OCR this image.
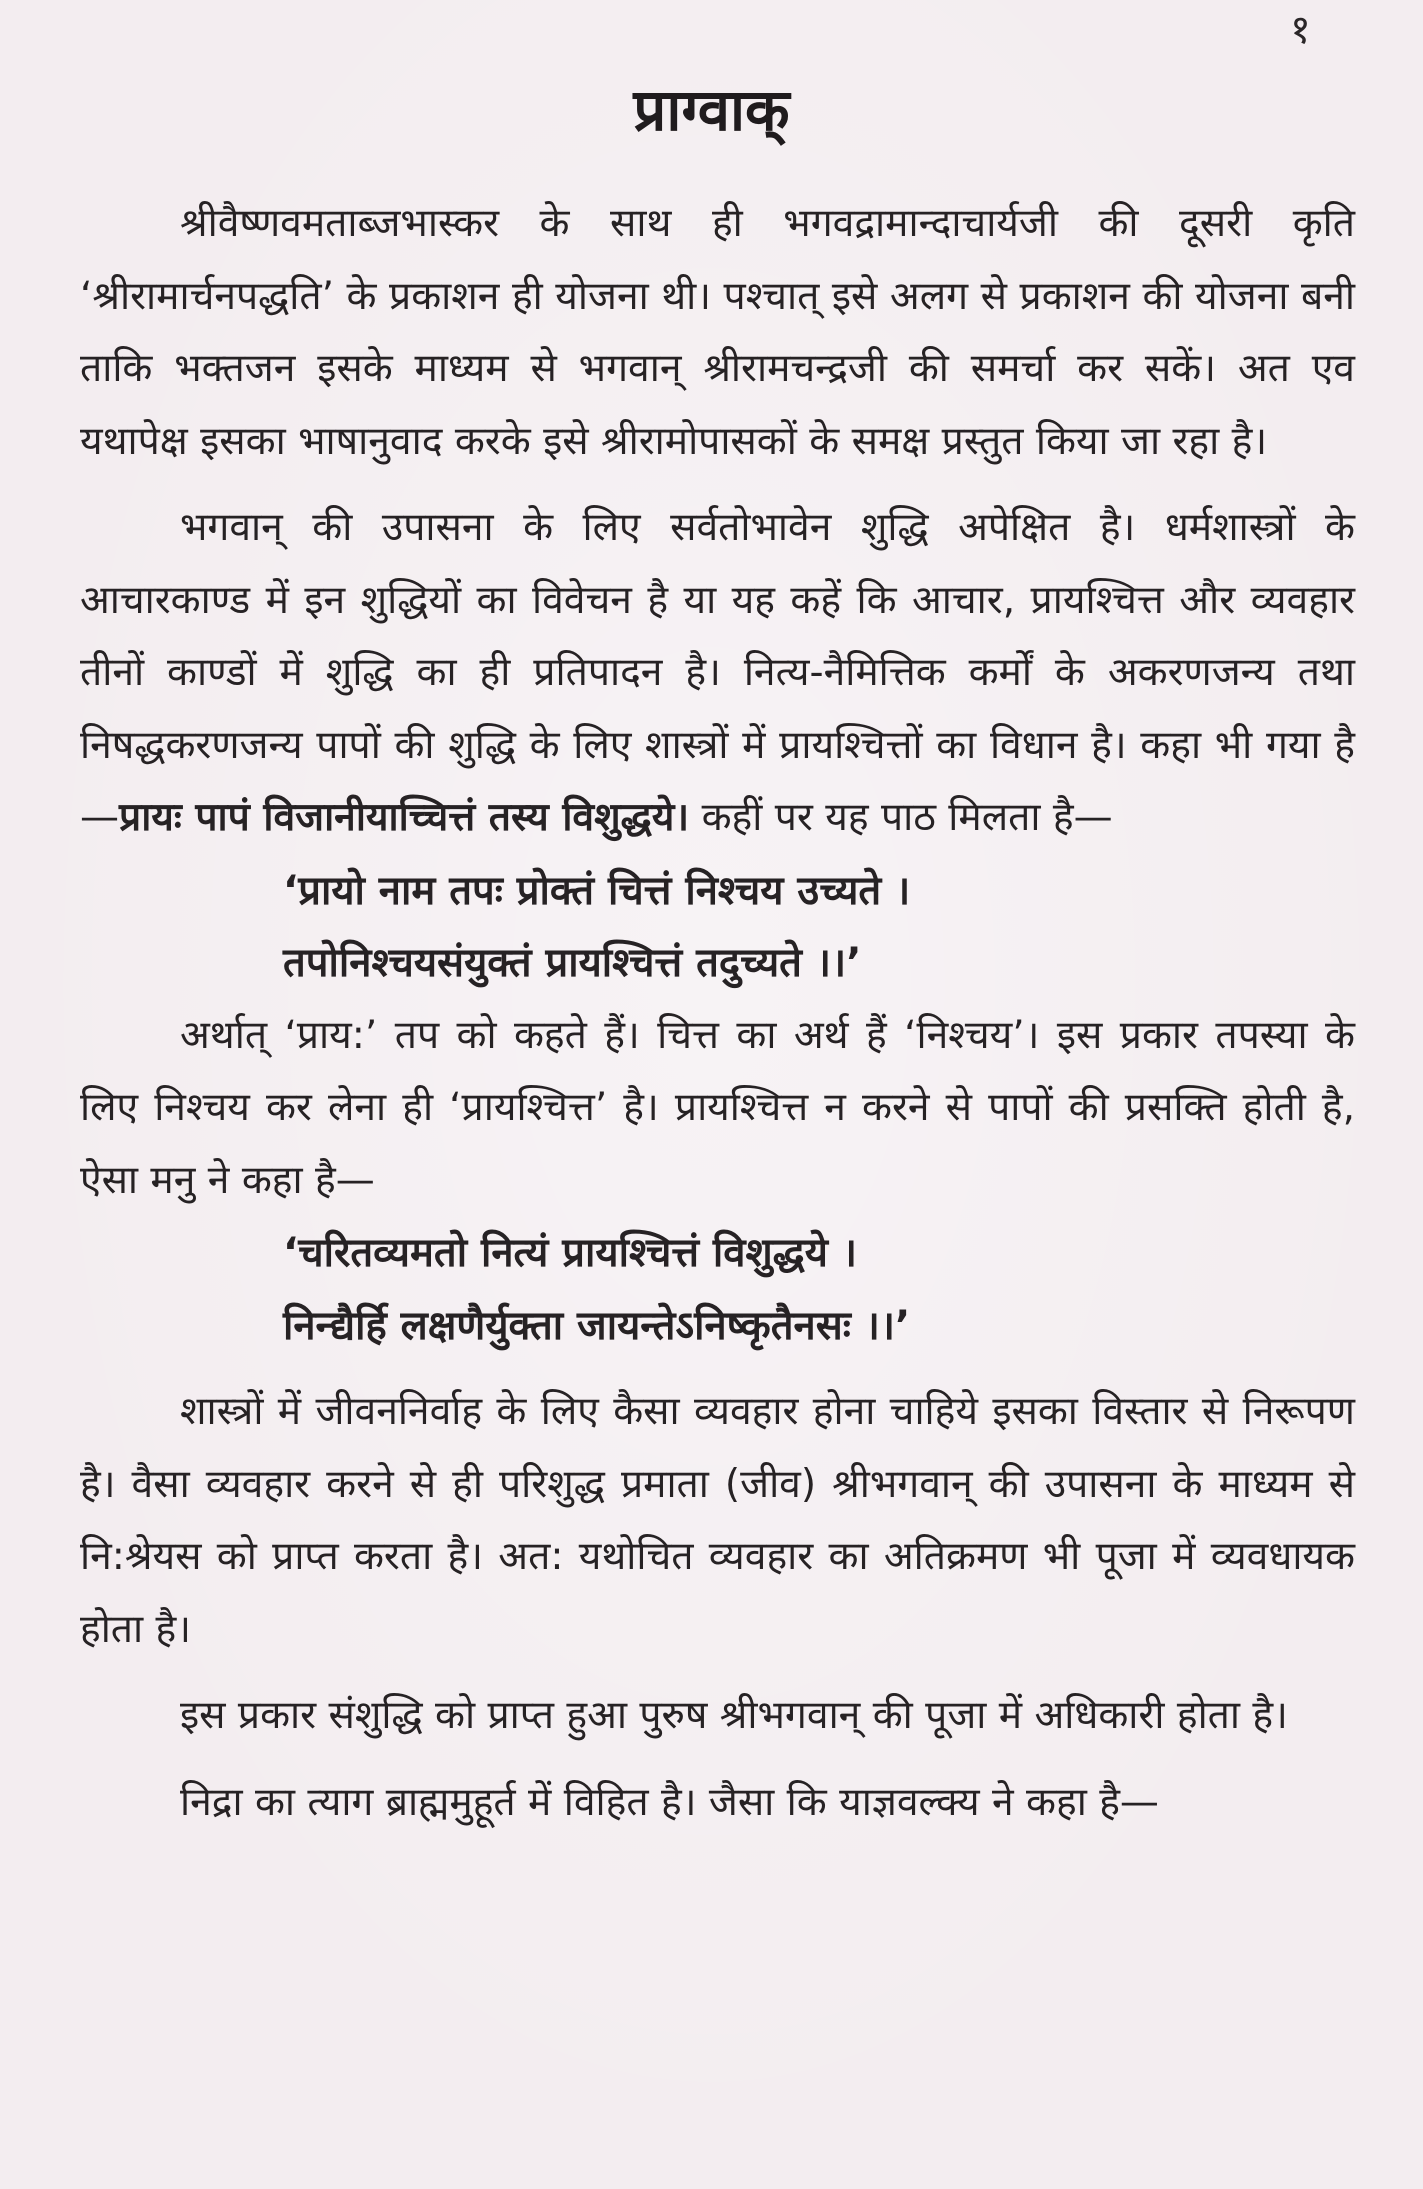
१
प्राग्वाक्

श्रीवैष्णवमताब्जभास्कर के साथ ही भगवद्रामान्दाचार्यजी की दूसरी कृति ‘श्रीरामार्चनपद्धति’ के प्रकाशन ही योजना थी। पश्चात् इसे अलग से प्रकाशन की योजना बनी ताकि भक्तजन इसके माध्यम से भगवान् श्रीरामचन्द्रजी की समर्चा कर सकें। अत एव यथापेक्ष इसका भाषानुवाद करके इसे श्रीरामोपासकों के समक्ष प्रस्तुत किया जा रहा है।

भगवान् की उपासना के लिए सर्वतोभावेन शुद्धि अपेक्षित है। धर्मशास्त्रों के आचारकाण्ड में इन शुद्धियों का विवेचन है या यह कहें कि आचार, प्रायश्चित्त और व्यवहार तीनों काण्डों में शुद्धि का ही प्रतिपादन है। नित्य-नैमित्तिक कर्मों के अकरणजन्य तथा निषद्धकरणजन्य पापों की शुद्धि के लिए शास्त्रों में प्रायश्चित्तों का विधान है। कहा भी गया है—प्रायः पापं विजानीयाच्चित्तं तस्य विशुद्धये। कहीं पर यह पाठ मिलता है—

‘प्रायो नाम तपः प्रोक्तं चित्तं निश्चय उच्यते ।
तपोनिश्चयसंयुक्तं प्रायश्चित्तं तदुच्यते ।।’

अर्थात् ‘प्राय:’ तप को कहते हैं। चित्त का अर्थ हैं ‘निश्चय’। इस प्रकार तपस्या के लिए निश्चय कर लेना ही ‘प्रायश्चित्त’ है। प्रायश्चित्त न करने से पापों की प्रसक्ति होती है, ऐसा मनु ने कहा है—

‘चरितव्यमतो नित्यं प्रायश्चित्तं विशुद्धये ।
निन्द्यैर्हि लक्षणैर्युक्ता जायन्तेऽनिष्कृतैनसः ।।’

शास्त्रों में जीवननिर्वाह के लिए कैसा व्यवहार होना चाहिये इसका विस्तार से निरूपण है। वैसा व्यवहार करने से ही परिशुद्ध प्रमाता (जीव) श्रीभगवान् की उपासना के माध्यम से नि:श्रेयस को प्राप्त करता है। अत: यथोचित व्यवहार का अतिक्रमण भी पूजा में व्यवधायक होता है।

इस प्रकार संशुद्धि को प्राप्त हुआ पुरुष श्रीभगवान् की पूजा में अधिकारी होता है।

निद्रा का त्याग ब्राह्ममुहूर्त में विहित है। जैसा कि याज्ञवल्क्य ने कहा है—
